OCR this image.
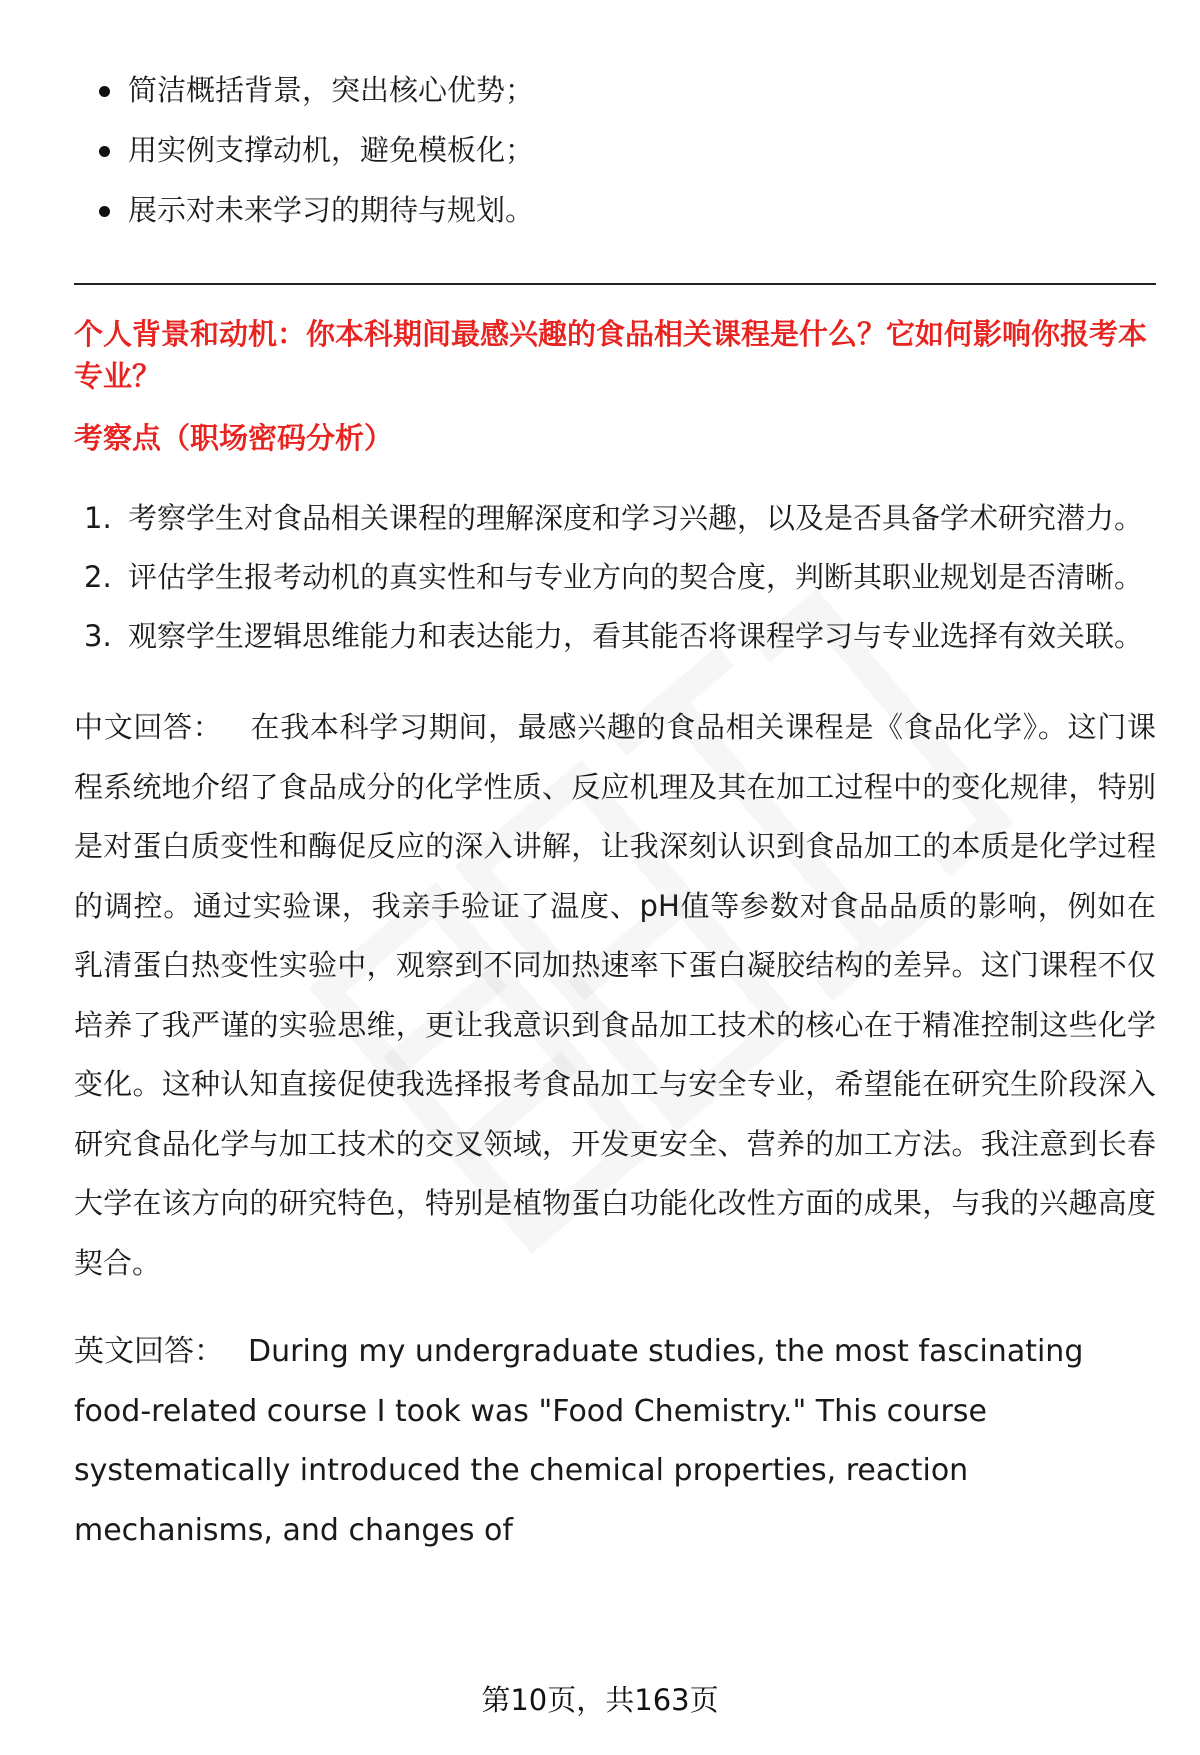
简洁概括背景，突出核心优势；
用实例支撑动机，避免模板化；
展示对未来学习的期待与规划。
个人背景和动机：你本科期间最感兴趣的食品相关课程是什么？它如何影响你报考本专业？
考察点（职场密码分析）
1. 考察学生对食品相关课程的理解深度和学习兴趣，以及是否具备学术研究潜力。
2. 评估学生报考动机的真实性和与专业方向的契合度，判断其职业规划是否清晰。
3. 观察学生逻辑思维能力和表达能力，看其能否将课程学习与专业选择有效关联。

中文回答： 在我本科学习期间，最感兴趣的食品相关课程是《食品化学》。这门课程系统地介绍了食品成分的化学性质、反应机理及其在加工过程中的变化规律，特别是对蛋白质变性和酶促反应的深入讲解，让我深刻认识到食品加工的本质是化学过程的调控。通过实验课，我亲手验证了温度、pH值等参数对食品品质的影响，例如在乳清蛋白热变性实验中，观察到不同加热速率下蛋白凝胶结构的差异。这门课程不仅培养了我严谨的实验思维，更让我意识到食品加工技术的核心在于精准控制这些化学变化。这种认知直接促使我选择报考食品加工与安全专业，希望能在研究生阶段深入研究食品化学与加工技术的交叉领域，开发更安全、营养的加工方法。我注意到长春大学在该方向的研究特色，特别是植物蛋白功能化改性方面的成果，与我的兴趣高度契合。

英文回答： During my undergraduate studies, the most fascinating food-related course I took was "Food Chemistry." This course systematically introduced the chemical properties, reaction mechanisms, and changes of

第10页，共163页
